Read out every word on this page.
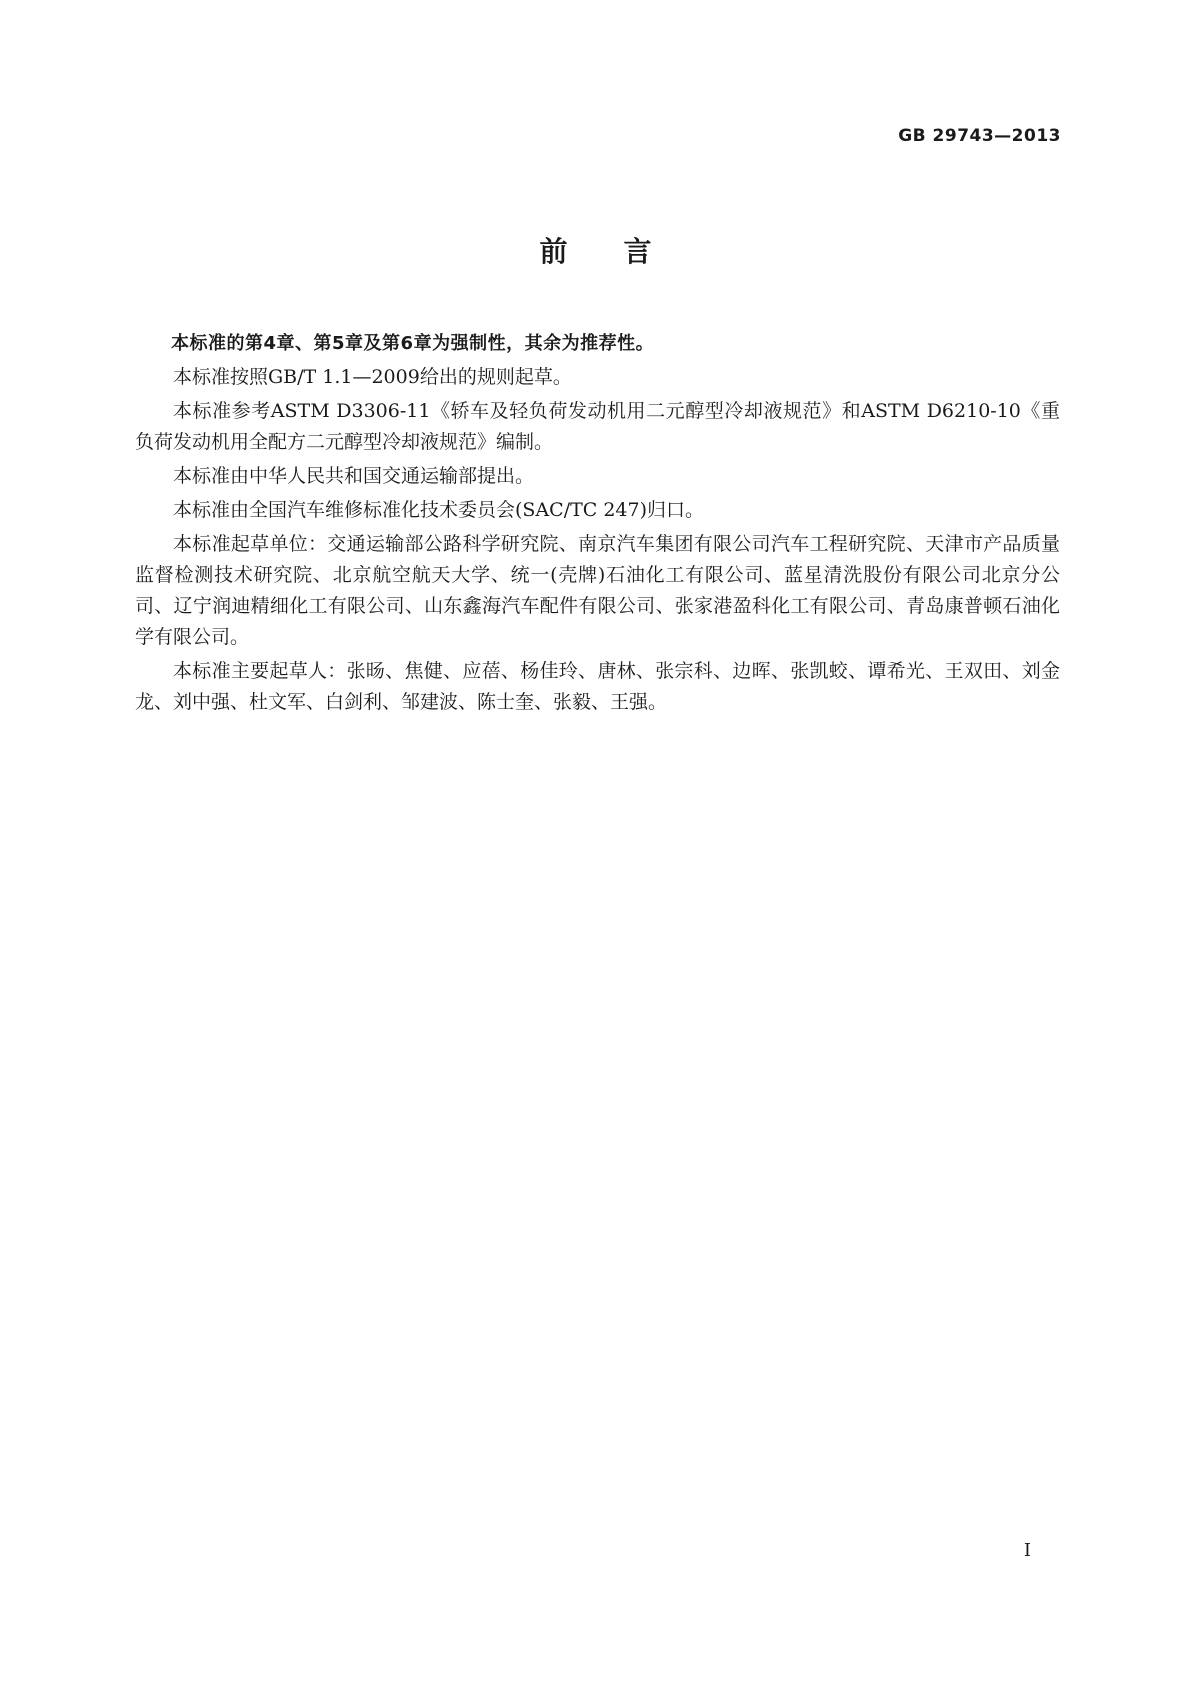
GB 29743—2013
前言

本标准的第4章、第5章及第6章为强制性，其余为推荐性。

本标准按照GB/T 1.1—2009给出的规则起草。

本标准参考ASTM D3306-11《轿车及轻负荷发动机用二元醇型冷却液规范》和ASTM D6210-10《重负荷发动机用全配方二元醇型冷却液规范》编制。

本标准由中华人民共和国交通运输部提出。

本标准由全国汽车维修标准化技术委员会(SAC/TC 247)归口。

本标准起草单位：交通运输部公路科学研究院、南京汽车集团有限公司汽车工程研究院、天津市产品质量监督检测技术研究院、北京航空航天大学、统一(壳牌)石油化工有限公司、蓝星清洗股份有限公司北京分公司、辽宁润迪精细化工有限公司、山东鑫海汽车配件有限公司、张家港盈科化工有限公司、青岛康普顿石油化学有限公司。

本标准主要起草人：张旸、焦健、应蓓、杨佳玲、唐林、张宗科、边晖、张凯蛟、谭希光、王双田、刘金龙、刘中强、杜文军、白剑利、邹建波、陈士奎、张毅、王强。

I
